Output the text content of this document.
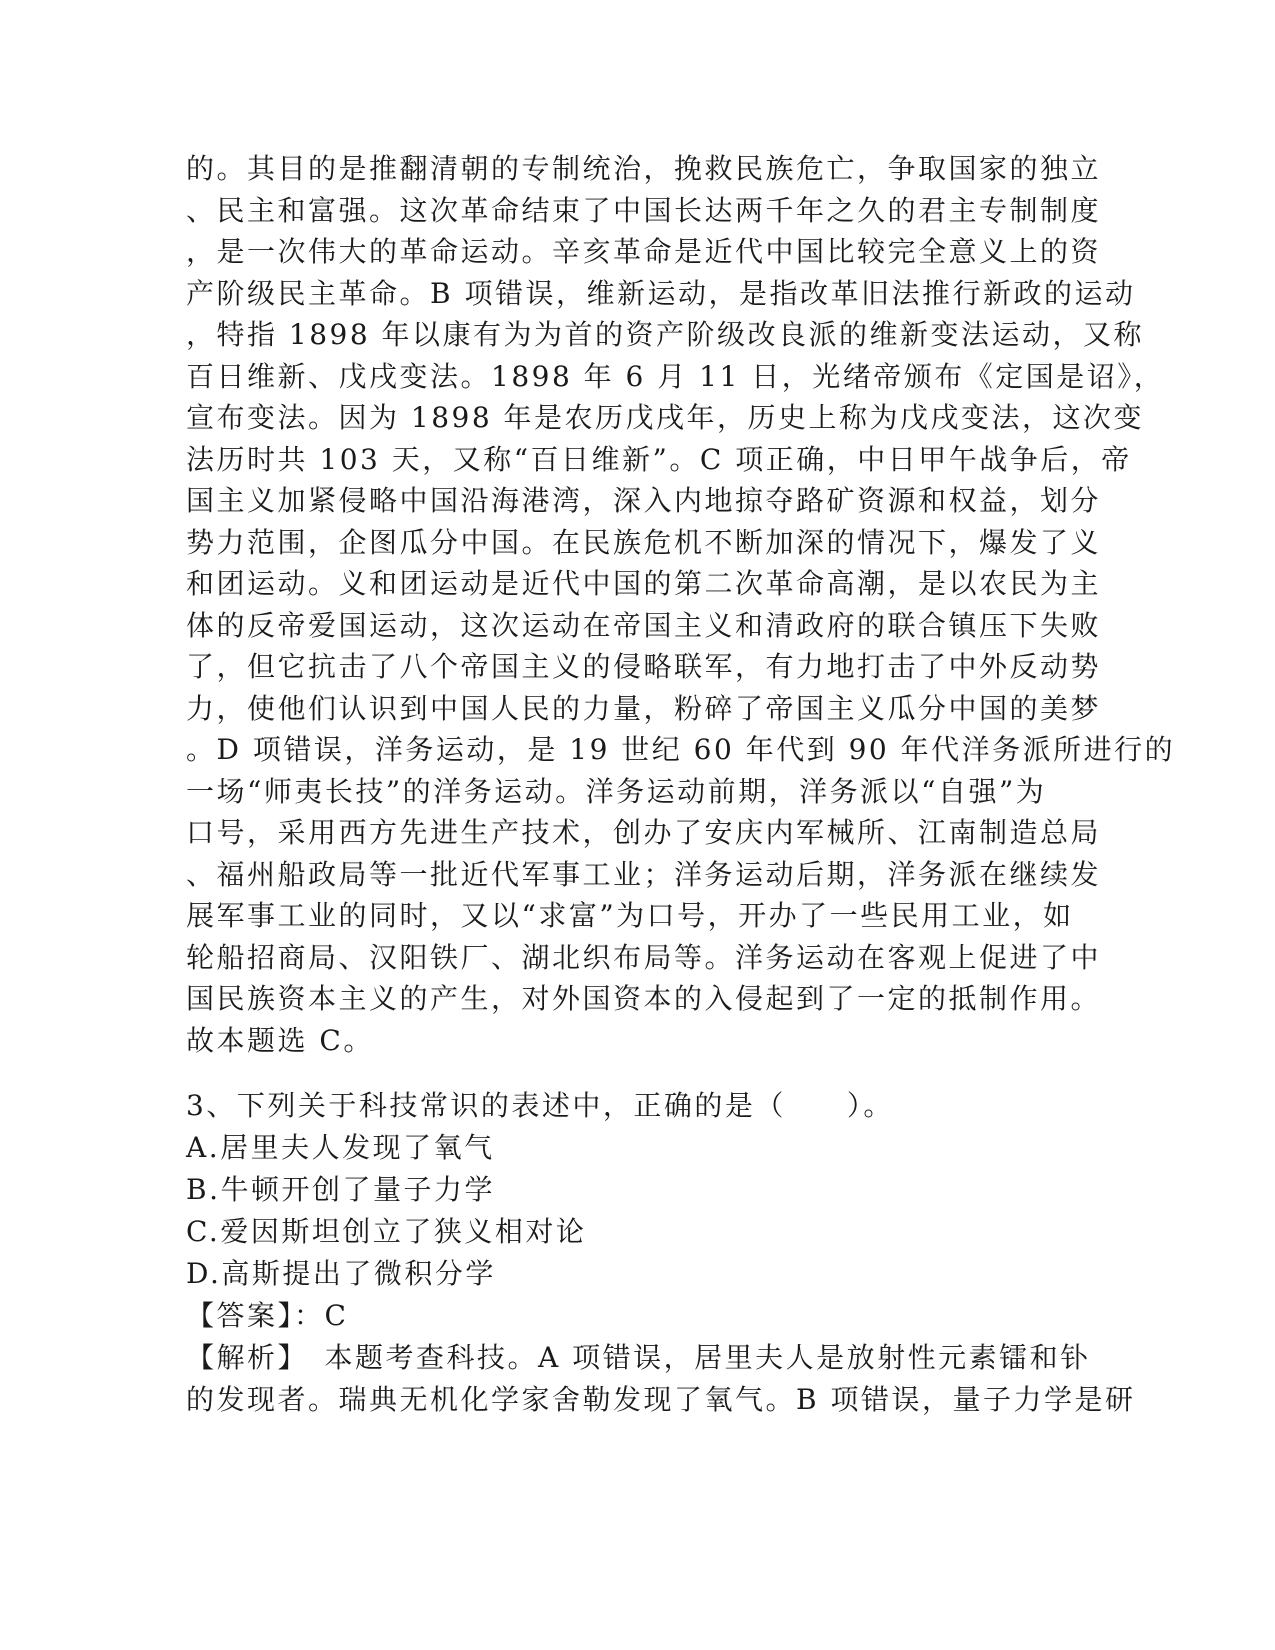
的。其目的是推翻清朝的专制统治，挽救民族危亡，争取国家的独立
、民主和富强。这次革命结束了中国长达两千年之久的君主专制制度
，是一次伟大的革命运动。辛亥革命是近代中国比较完全意义上的资
产阶级民主革命。B 项错误，维新运动，是指改革旧法推行新政的运动
，特指 1898 年以康有为为首的资产阶级改良派的维新变法运动，又称
百日维新、戊戌变法。1898 年 6 月 11 日，光绪帝颁布《定国是诏》，
宣布变法。因为 1898 年是农历戊戌年，历史上称为戊戌变法，这次变
法历时共 103 天，又称“百日维新”。C 项正确，中日甲午战争后，帝
国主义加紧侵略中国沿海港湾，深入内地掠夺路矿资源和权益，划分
势力范围，企图瓜分中国。在民族危机不断加深的情况下，爆发了义
和团运动。义和团运动是近代中国的第二次革命高潮，是以农民为主
体的反帝爱国运动，这次运动在帝国主义和清政府的联合镇压下失败
了，但它抗击了八个帝国主义的侵略联军，有力地打击了中外反动势
力，使他们认识到中国人民的力量，粉碎了帝国主义瓜分中国的美梦
。D 项错误，洋务运动，是 19 世纪 60 年代到 90 年代洋务派所进行的
一场“师夷长技”的洋务运动。洋务运动前期，洋务派以“自强”为
口号，采用西方先进生产技术，创办了安庆内军械所、江南制造总局
、福州船政局等一批近代军事工业；洋务运动后期，洋务派在继续发
展军事工业的同时，又以“求富”为口号，开办了一些民用工业，如
轮船招商局、汉阳铁厂、湖北织布局等。洋务运动在客观上促进了中
国民族资本主义的产生，对外国资本的入侵起到了一定的抵制作用。
故本题选 C。
3、下列关于科技常识的表述中，正确的是（　　）。
A.居里夫人发现了氧气
B.牛顿开创了量子力学
C.爱因斯坦创立了狭义相对论
D.高斯提出了微积分学
【答案】：C
【解析】　本题考查科技。A 项错误，居里夫人是放射性元素镭和钋
的发现者。瑞典无机化学家舍勒发现了氧气。B 项错误，量子力学是研
